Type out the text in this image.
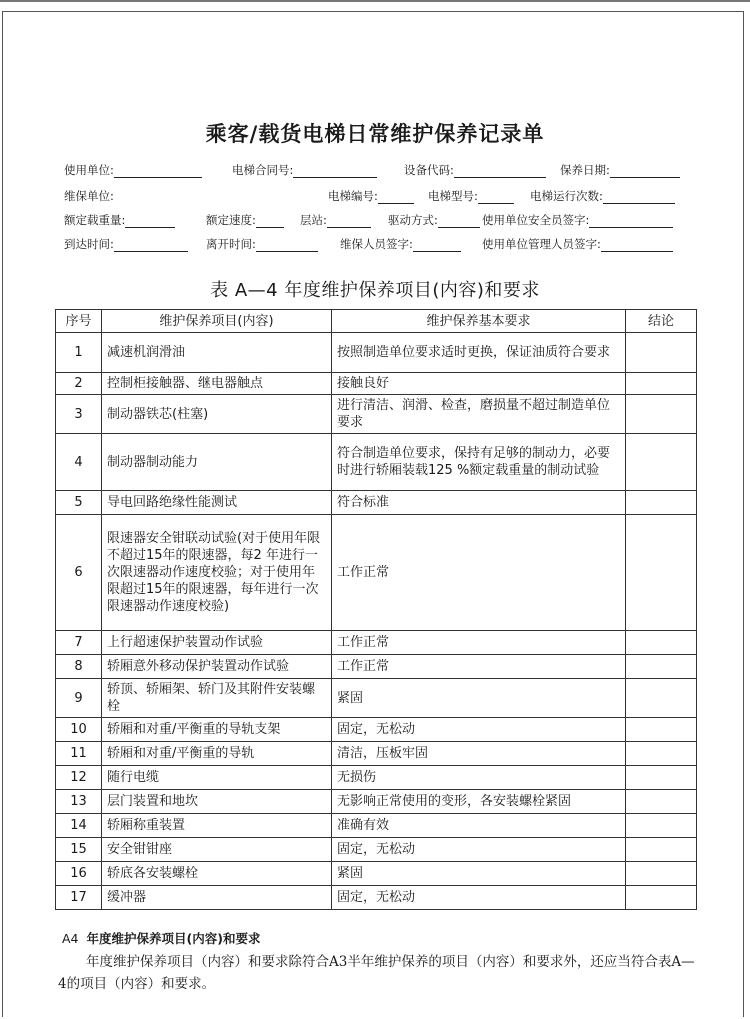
乘客/载货电梯日常维护保养记录单
使用单位:	电梯合同号:	设备代码:	保养日期:
维保单位:	电梯编号:	电梯型号:	电梯运行次数:
额定载重量:	额定速度:	层站:	驱动方式:	使用单位安全员签字:
到达时间:	离开时间:	维保人员签字:	使用单位管理人员签字:
表 A—4 年度维护保养项目(内容)和要求
序号	维护保养项目(内容)	维护保养基本要求	结论
1	减速机润滑油	按照制造单位要求适时更换，保证油质符合要求	
2	控制柜接触器、继电器触点	接触良好	
3	制动器铁芯(柱塞)	进行清洁、润滑、检查，磨损量不超过制造单位要求	
4	制动器制动能力	符合制造单位要求，保持有足够的制动力，必要时进行轿厢装载125 %额定载重量的制动试验	
5	导电回路绝缘性能测试	符合标准	
6	限速器安全钳联动试验(对于使用年限不超过15年的限速器，每2 年进行一次限速器动作速度校验；对于使用年限超过15年的限速器，每年进行一次限速器动作速度校验)	工作正常	
7	上行超速保护装置动作试验	工作正常	
8	轿厢意外移动保护装置动作试验	工作正常	
9	轿顶、轿厢架、轿门及其附件安装螺栓	紧固	
10	轿厢和对重/平衡重的导轨支架	固定，无松动	
11	轿厢和对重/平衡重的导轨	清洁，压板牢固	
12	随行电缆	无损伤	
13	层门装置和地坎	无影响正常使用的变形，各安装螺栓紧固	
14	轿厢称重装置	准确有效	
15	安全钳钳座	固定，无松动	
16	轿底各安装螺栓	紧固	
17	缓冲器	固定，无松动	
A4 年度维护保养项目(内容)和要求
年度维护保养项目（内容）和要求除符合A3半年维护保养的项目（内容）和要求外，还应当符合表A—4的项目（内容）和要求。
